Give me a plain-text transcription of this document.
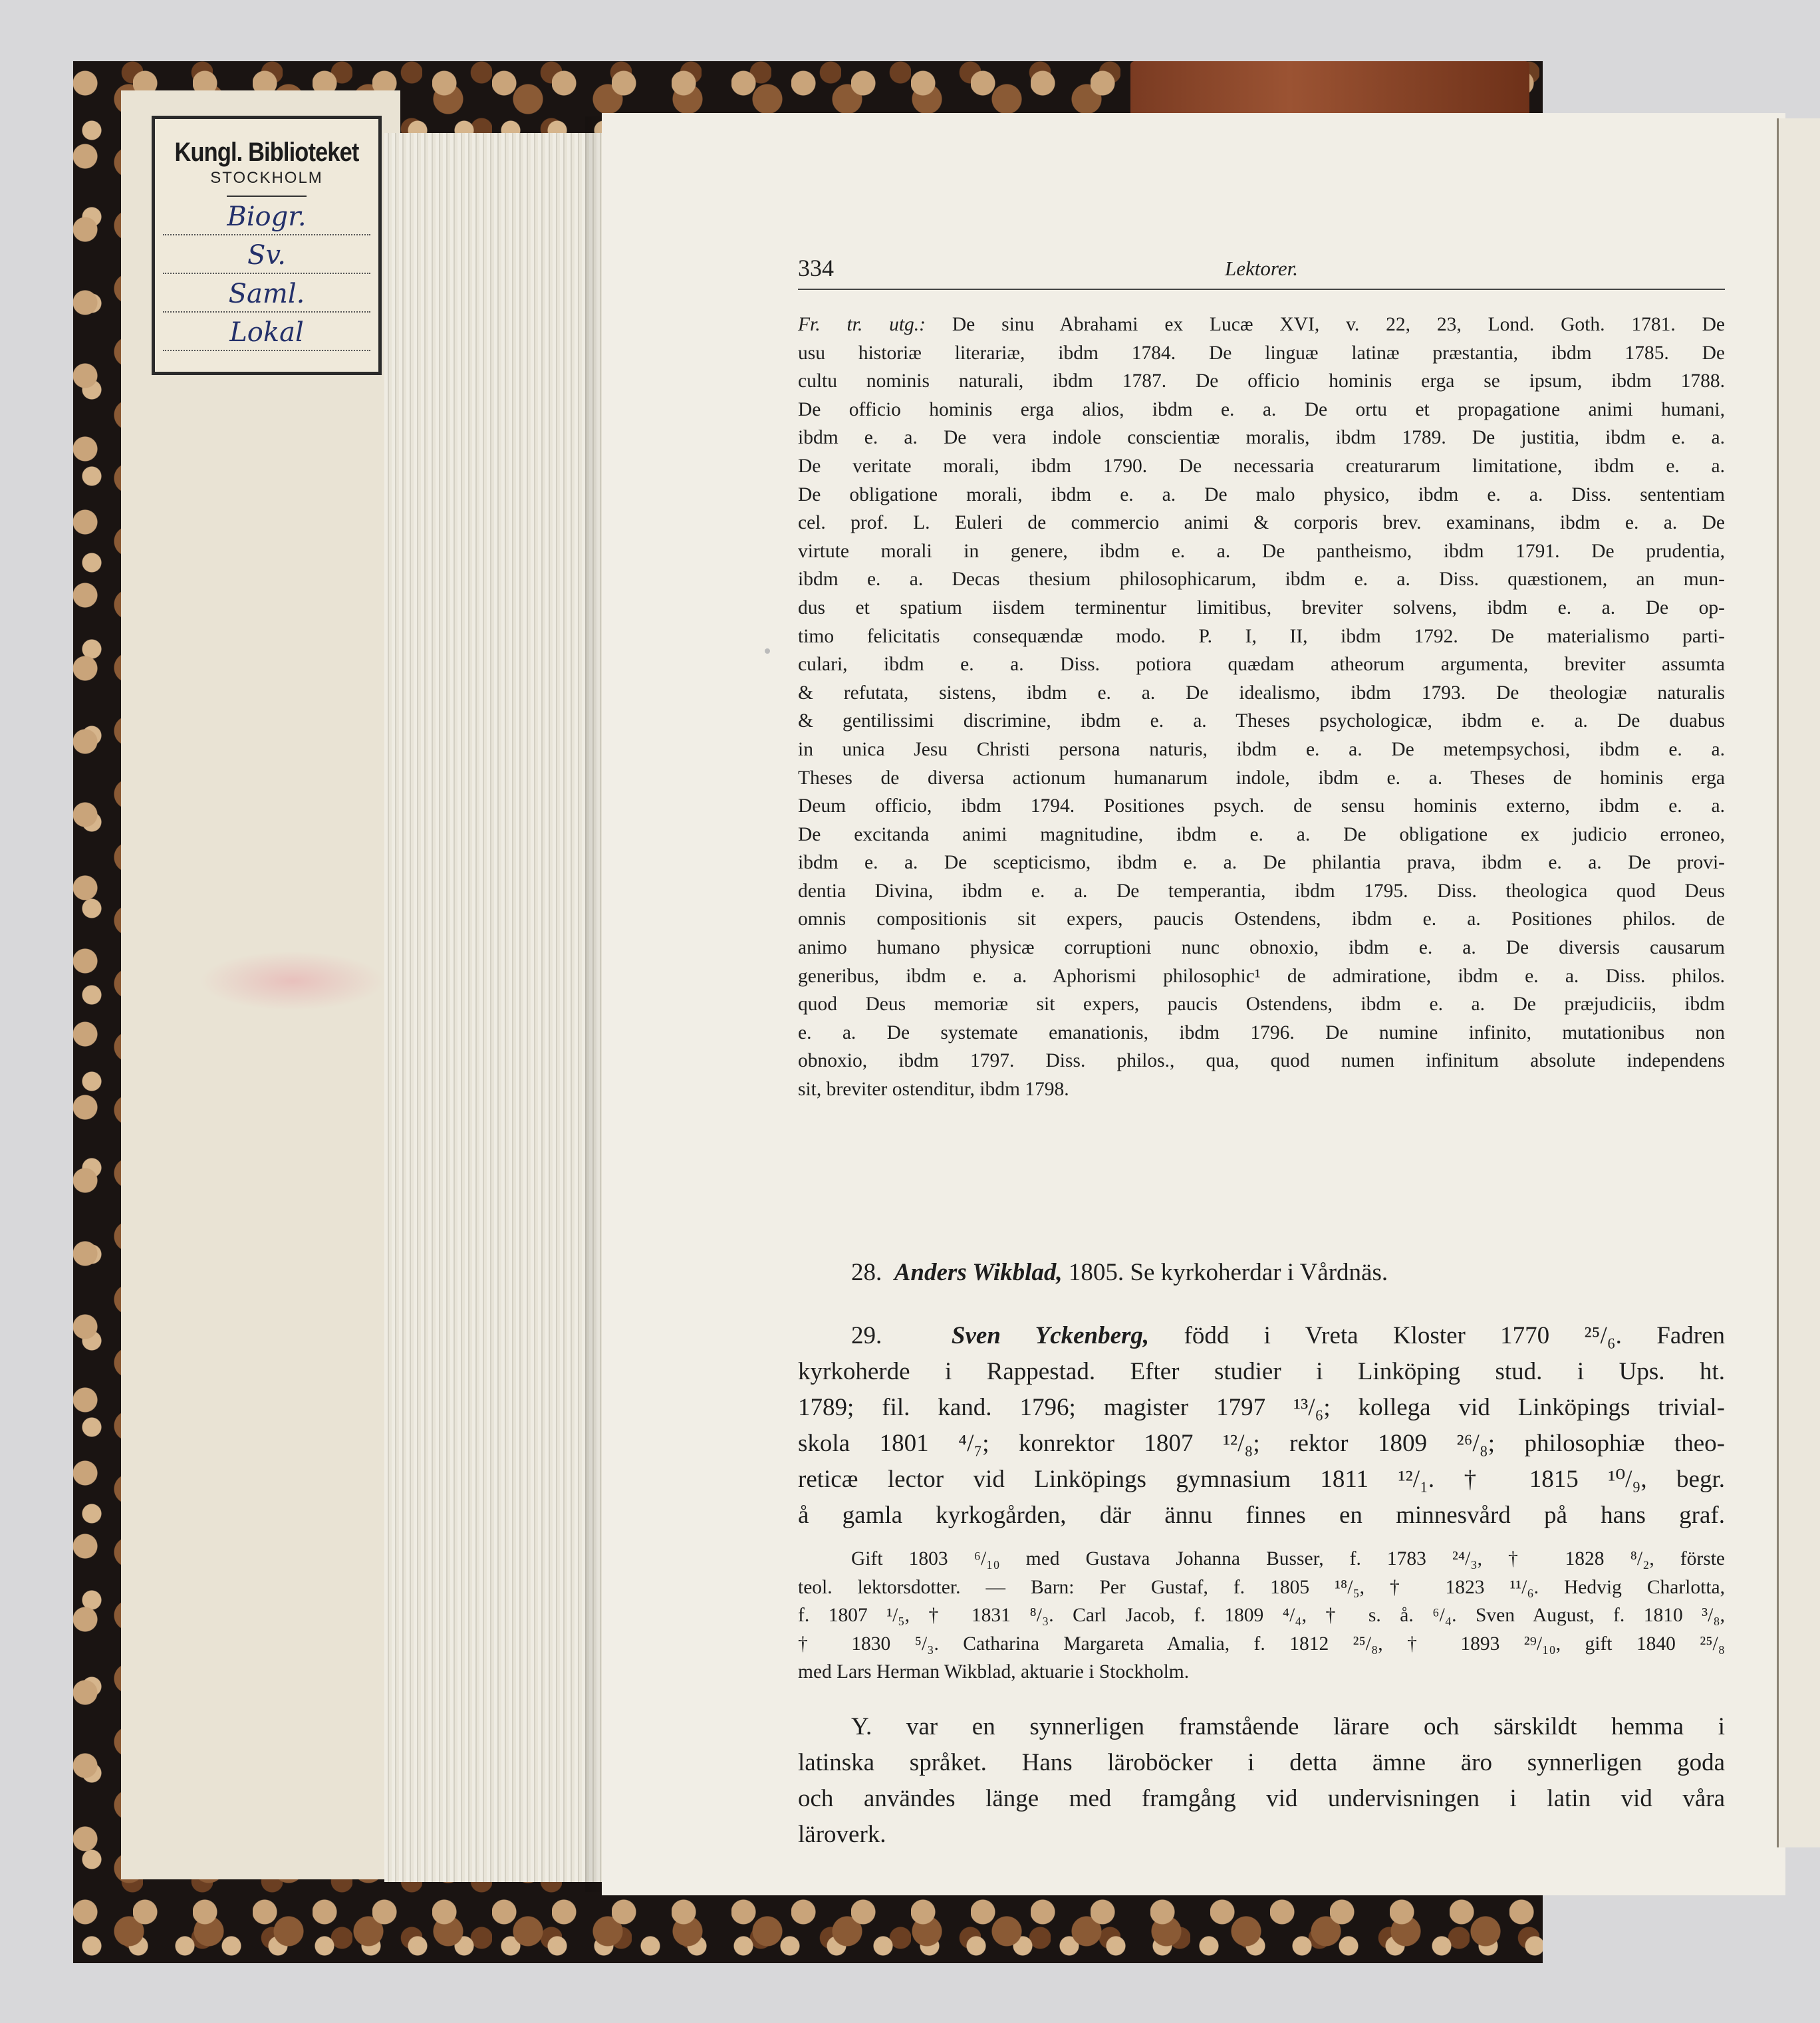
Kungl. Biblioteket
STOCKHOLM
Biogr.
Sv.
Saml.
Lokal
334	Lektorer.
Fr. tr. utg.: De sinu Abrahami ex Lucæ XVI, v. 22, 23, Lond. Goth. 1781. De
usu historiæ literariæ, ibdm 1784. De linguæ latinæ præstantia, ibdm 1785. De
cultu nominis naturali, ibdm 1787. De officio hominis erga se ipsum, ibdm 1788.
De officio hominis erga alios, ibdm e. a. De ortu et propagatione animi humani,
ibdm e. a. De vera indole conscientiæ moralis, ibdm 1789. De justitia, ibdm e. a.
De veritate morali, ibdm 1790. De necessaria creaturarum limitatione, ibdm e. a.
De obligatione morali, ibdm e. a. De malo physico, ibdm e. a. Diss. sententiam
cel. prof. L. Euleri de commercio animi & corporis brev. examinans, ibdm e. a. De
virtute morali in genere, ibdm e. a. De pantheismo, ibdm 1791. De prudentia,
ibdm e. a. Decas thesium philosophicarum, ibdm e. a. Diss. quæstionem, an mun-
dus et spatium iisdem terminentur limitibus, breviter solvens, ibdm e. a. De op-
timo felicitatis consequændæ modo. P. I, II, ibdm 1792. De materialismo parti-
culari, ibdm e. a. Diss. potiora quædam atheorum argumenta, breviter assumta
& refutata, sistens, ibdm e. a. De idealismo, ibdm 1793. De theologiæ naturalis
& gentilissimi discrimine, ibdm e. a. Theses psychologicæ, ibdm e. a. De duabus
in unica Jesu Christi persona naturis, ibdm e. a. De metempsychosi, ibdm e. a.
Theses de diversa actionum humanarum indole, ibdm e. a. Theses de hominis erga
Deum officio, ibdm 1794. Positiones psych. de sensu hominis externo, ibdm e. a.
De excitanda animi magnitudine, ibdm e. a. De obligatione ex judicio erroneo,
ibdm e. a. De scepticismo, ibdm e. a. De philantia prava, ibdm e. a. De provi-
dentia Divina, ibdm e. a. De temperantia, ibdm 1795. Diss. theologica quod Deus
omnis compositionis sit expers, paucis Ostendens, ibdm e. a. Positiones philos. de
animo humano physicæ corruptioni nunc obnoxio, ibdm e. a. De diversis causarum
generibus, ibdm e. a. Aphorismi philosophic¹ de admiratione, ibdm e. a. Diss. philos.
quod Deus memoriæ sit expers, paucis Ostendens, ibdm e. a. De præjudiciis, ibdm
e. a. De systemate emanationis, ibdm 1796. De numine infinito, mutationibus non
obnoxio, ibdm 1797. Diss. philos., qua, quod numen infinitum absolute independens
sit, breviter ostenditur, ibdm 1798.
28. Anders Wikblad, 1805. Se kyrkoherdar i Vårdnäs.
29.	Sven Yckenberg, född i Vreta Kloster 1770 ²⁵/₆. Fadren
kyrkoherde i Rappestad. Efter studier i Linköping stud. i Ups. ht.
1789; fil. kand. 1796; magister 1797 ¹³/₆; kollega vid Linköpings trivial-
skola 1801 ⁴/₇; konrektor 1807 ¹²/₈; rektor 1809 ²⁶/₈; philosophiæ theo-
reticæ lector vid Linköpings gymnasium 1811 ¹²/₁. † 1815 ¹⁰/₉, begr.
å gamla kyrkogården, där ännu finnes en minnesvård på hans graf.
Gift 1803 ⁶/₁₀ med Gustava Johanna Busser, f. 1783 ²⁴/₃, † 1828 ⁸/₂, förste
teol. lektorsdotter. — Barn: Per Gustaf, f. 1805 ¹⁸/₅, † 1823 ¹¹/₆. Hedvig Charlotta,
f. 1807 ¹/₅, † 1831 ⁸/₃. Carl Jacob, f. 1809 ⁴/₄, † s. å. ⁶/₄. Sven August, f. 1810 ³/₈,
† 1830 ⁵/₃. Catharina Margareta Amalia, f. 1812 ²⁵/₈, † 1893 ²⁹/₁₀, gift 1840 ²⁵/₈
med Lars Herman Wikblad, aktuarie i Stockholm.
Y. var en synnerligen framstående lärare och särskildt hemma i
latinska språket. Hans läroböcker i detta ämne äro synnerligen goda
och användes länge med framgång vid undervisningen i latin vid våra
läroverk.
